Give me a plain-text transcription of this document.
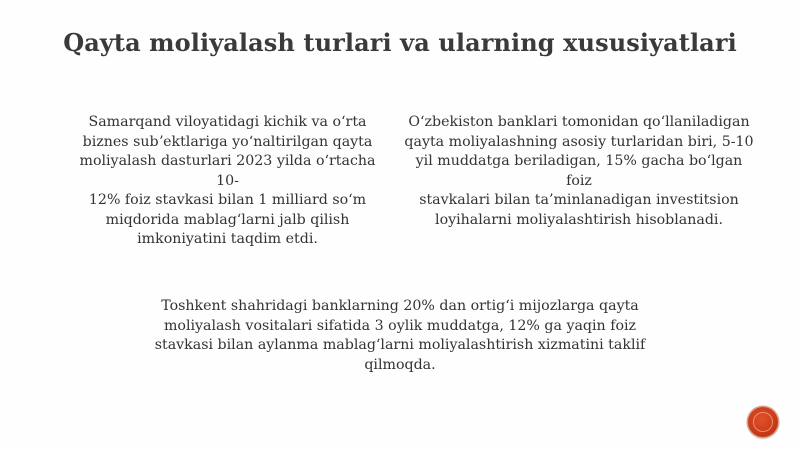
Qayta moliyalash turlari va ularning xususiyatlari
Samarqand viloyatidagi kichik va o‘rta
biznes subʼektlariga yo‘naltirilgan qayta
moliyalash dasturlari 2023 yilda o‘rtacha 10-
12% foiz stavkasi bilan 1 milliard so‘m
miqdorida mablag‘larni jalb qilish
imkoniyatini taqdim etdi.
O‘zbekiston banklari tomonidan qo‘llaniladigan
qayta moliyalashning asosiy turlaridan biri, 5-10
yil muddatga beriladigan, 15% gacha bo‘lgan foiz
stavkalari bilan ta’minlanadigan investitsion
loyihalarni moliyalashtirish hisoblanadi.
Toshkent shahridagi banklarning 20% dan ortig‘i mijozlarga qayta
moliyalash vositalari sifatida 3 oylik muddatga, 12% ga yaqin foiz
stavkasi bilan aylanma mablag‘larni moliyalashtirish xizmatini taklif
qilmoqda.
